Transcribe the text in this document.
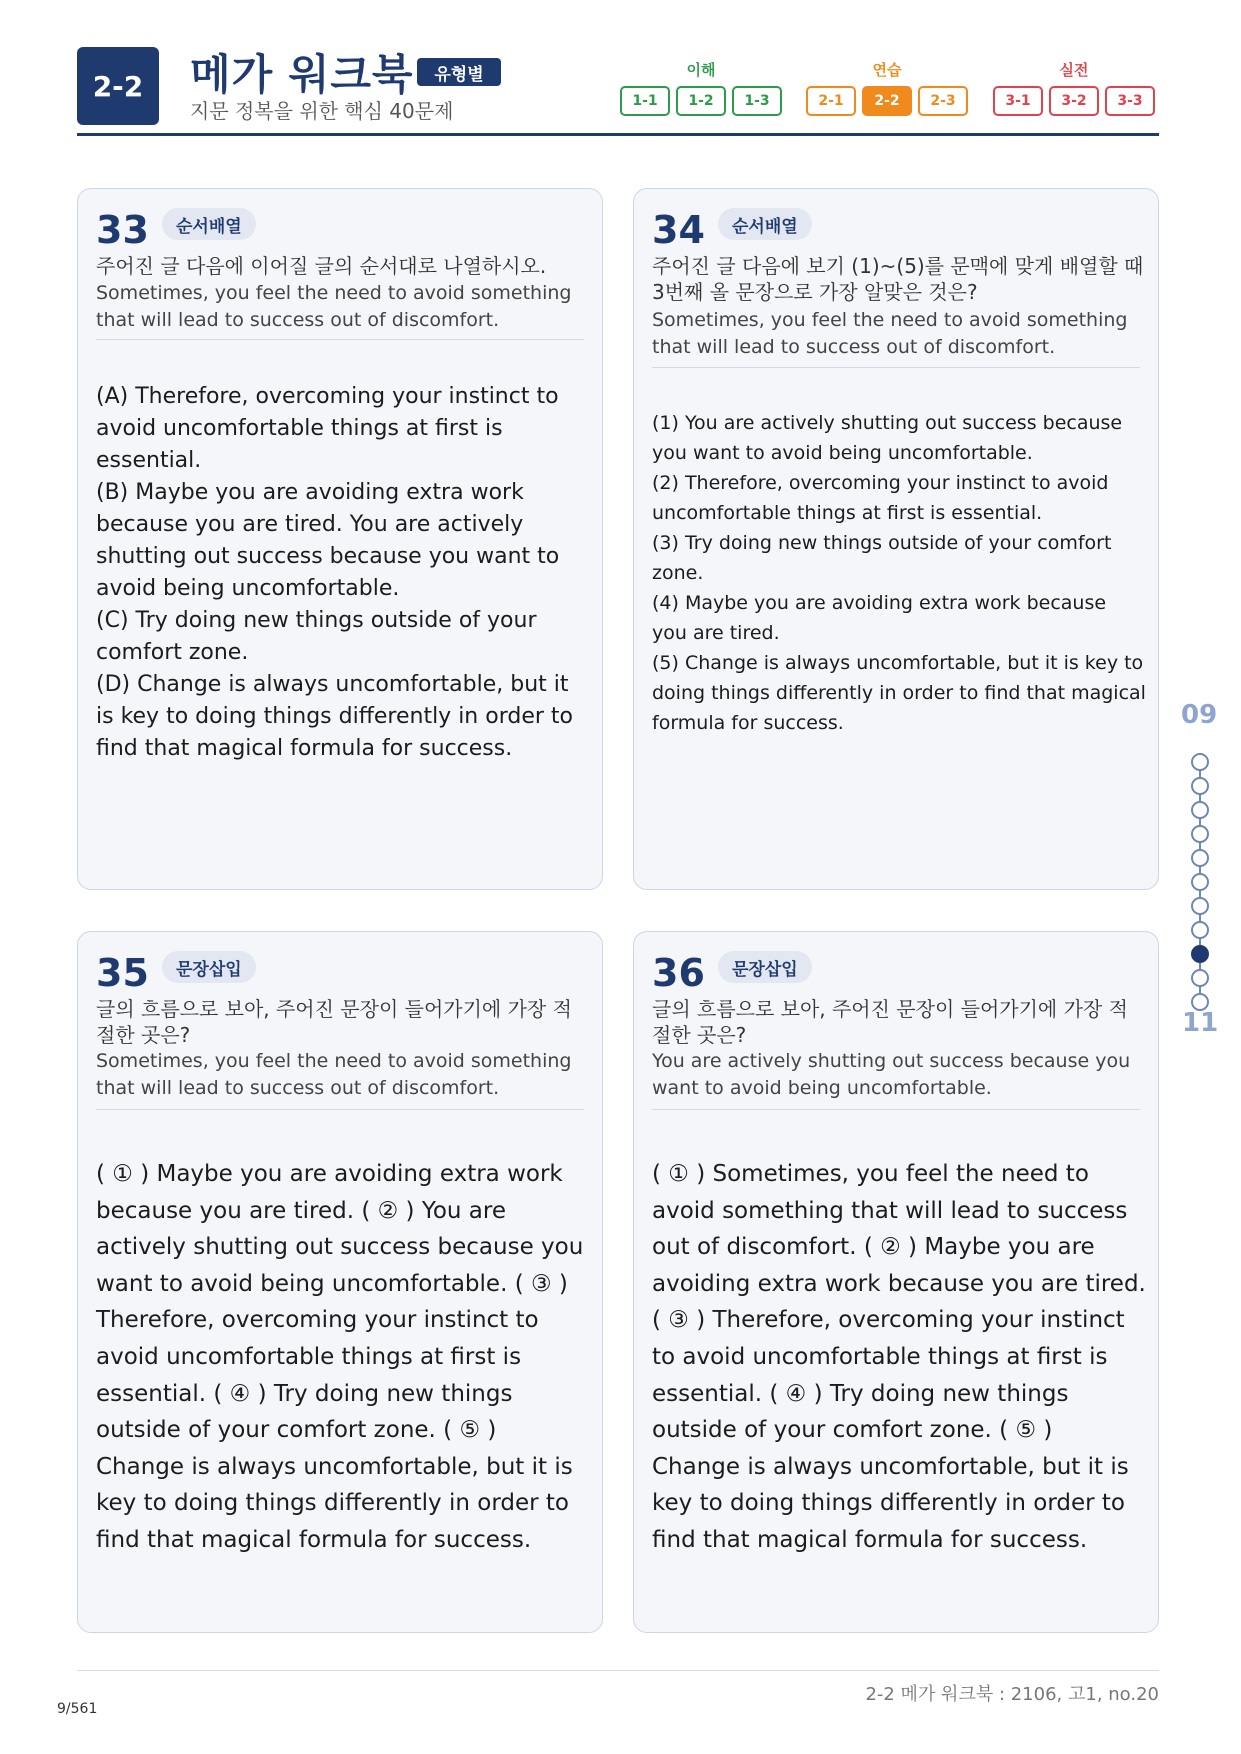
2-2	메가 워크북	유형별
지문 정복을 위한 핵심 40문제
이해	연습	실전
1-1	1-2	1-3	2-1	2-2	2-3	3-1	3-2	3-3
33	순서배열
주어진 글 다음에 이어질 글의 순서대로 나열하시오.
Sometimes, you feel the need to avoid something that will lead to success out of discomfort.

(A) Therefore, overcoming your instinct to avoid uncomfortable things at first is essential.

(B) Maybe you are avoiding extra work because you are tired. You are actively shutting out success because you want to avoid being uncomfortable.

(C) Try doing new things outside of your comfort zone.

(D) Change is always uncomfortable, but it is key to doing things differently in order to find that magical formula for success.

34	순서배열
주어진 글 다음에 보기 (1)~(5)를 문맥에 맞게 배열할 때 3번째 올 문장으로 가장 알맞은 것은?
Sometimes, you feel the need to avoid something that will lead to success out of discomfort.

(1) You are actively shutting out success because you want to avoid being uncomfortable.

(2) Therefore, overcoming your instinct to avoid uncomfortable things at first is essential.

(3) Try doing new things outside of your comfort zone.

(4) Maybe you are avoiding extra work because you are tired.

(5) Change is always uncomfortable, but it is key to doing things differently in order to find that magical formula for success.

35	문장삽입
글의 흐름으로 보아, 주어진 문장이 들어가기에 가장 적절한 곳은?
Sometimes, you feel the need to avoid something that will lead to success out of discomfort.
( ① ) Maybe you are avoiding extra work because you are tired. ( ② ) You are actively shutting out success because you want to avoid being uncomfortable. ( ③ ) Therefore, overcoming your instinct to avoid uncomfortable things at first is essential. ( ④ ) Try doing new things outside of your comfort zone. ( ⑤ ) Change is always uncomfortable, but it is key to doing things differently in order to find that magical formula for success.
36	문장삽입
글의 흐름으로 보아, 주어진 문장이 들어가기에 가장 적절한 곳은?
You are actively shutting out success because you want to avoid being uncomfortable.
( ① ) Sometimes, you feel the need to avoid something that will lead to success out of discomfort. ( ② ) Maybe you are avoiding extra work because you are tired. ( ③ ) Therefore, overcoming your instinct to avoid uncomfortable things at first is essential. ( ④ ) Try doing new things outside of your comfort zone. ( ⑤ ) Change is always uncomfortable, but it is key to doing things differently in order to find that magical formula for success.
09
11
2-2 메가 워크북 : 2106, 고1, no.20
9/561
